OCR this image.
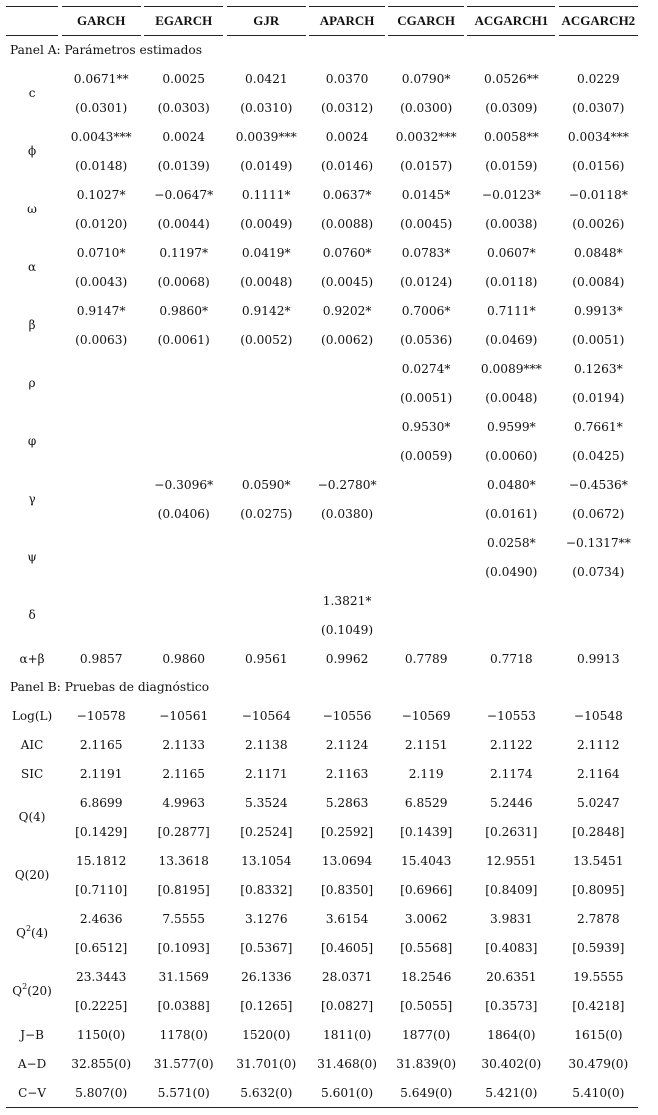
		GARCH		EGARCH		GJR		APARCH		CGARCH		ACGARCH1		ACGARCH2
Panel A: Parámetros estimados														
c		0.0671**		0.0025		0.0421		0.0370		0.0790*		0.0526**		0.0229
		(0.0301)		(0.0303)		(0.0310)		(0.0312)		(0.0300)		(0.0309)		(0.0307)
ϕ		0.0043***		0.0024		0.0039***		0.0024		0.0032***		0.0058**		0.0034***
		(0.0148)		(0.0139)		(0.0149)		(0.0146)		(0.0157)		(0.0159)		(0.0156)
ω		0.1027*		−0.0647*		0.1111*		0.0637*		0.0145*		−0.0123*		−0.0118*
		(0.0120)		(0.0044)		(0.0049)		(0.0088)		(0.0045)		(0.0038)		(0.0026)
α		0.0710*		0.1197*		0.0419*		0.0760*		0.0783*		0.0607*		0.0848*
		(0.0043)		(0.0068)		(0.0048)		(0.0045)		(0.0124)		(0.0118)		(0.0084)
β		0.9147*		0.9860*		0.9142*		0.9202*		0.7006*		0.7111*		0.9913*
		(0.0063)		(0.0061)		(0.0052)		(0.0062)		(0.0536)		(0.0469)		(0.0051)
ρ										0.0274*		0.0089***		0.1263*
										(0.0051)		(0.0048)		(0.0194)
φ										0.9530*		0.9599*		0.7661*
										(0.0059)		(0.0060)		(0.0425)
γ				−0.3096*		0.0590*		−0.2780*				0.0480*		−0.4536*
				(0.0406)		(0.0275)		(0.0380)				(0.0161)		(0.0672)
ψ												0.0258*		−0.1317**
												(0.0490)		(0.0734)
δ								1.3821*						
								(0.1049)						
α+β		0.9857		0.9860		0.9561		0.9962		0.7789		0.7718		0.9913
Panel B: Pruebas de diagnóstico														
Log(L)		−10578		−10561		−10564		−10556		−10569		−10553		−10548
AIC		2.1165		2.1133		2.1138		2.1124		2.1151		2.1122		2.1112
SIC		2.1191		2.1165		2.1171		2.1163		2.119		2.1174		2.1164
Q(4)		6.8699		4.9963		5.3524		5.2863		6.8529		5.2446		5.0247
		[0.1429]		[0.2877]		[0.2524]		[0.2592]		[0.1439]		[0.2631]		[0.2848]
Q(20)		15.1812		13.3618		13.1054		13.0694		15.4043		12.9551		13.5451
		[0.7110]		[0.8195]		[0.8332]		[0.8350]		[0.6966]		[0.8409]		[0.8095]
$Q^2(4)$		2.4636		7.5555		3.1276		3.6154		3.0062		3.9831		2.7878
		[0.6512]		[0.1093]		[0.5367]		[0.4605]		[0.5568]		[0.4083]		[0.5939]
$Q^2(20)$		23.3443		31.1569		26.1336		28.0371		18.2546		20.6351		19.5555
		[0.2225]		[0.0388]		[0.1265]		[0.0827]		[0.5055]		[0.3573]		[0.4218]
J−B		1150(0)		1178(0)		1520(0)		1811(0)		1877(0)		1864(0)		1615(0)
A−D		32.855(0)		31.577(0)		31.701(0)		31.468(0)		31.839(0)		30.402(0)		30.479(0)
C−V		5.807(0)		5.571(0)		5.632(0)		5.601(0)		5.649(0)		5.421(0)		5.410(0)
